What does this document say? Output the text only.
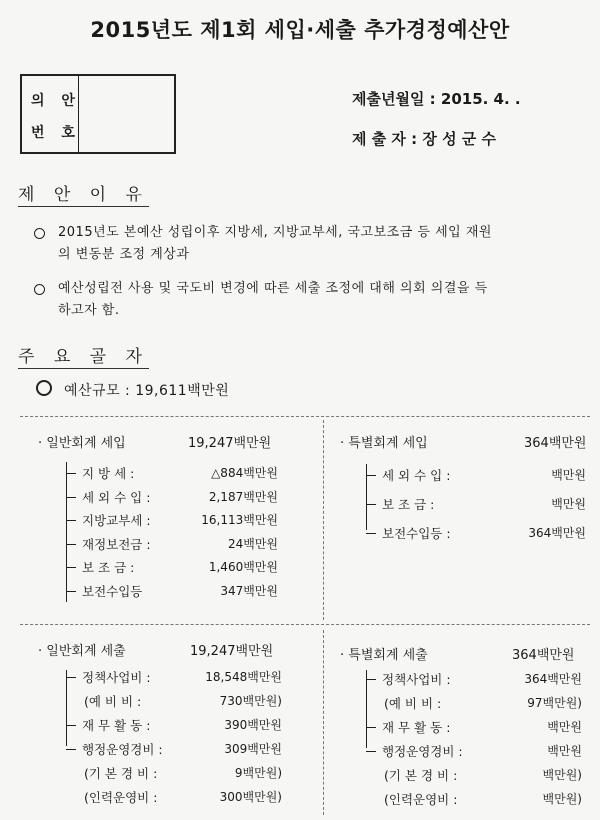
2015년도 제1회 세입·세출 추가경정예산안
의 안
번 호
제출년월일 : 2015. 4. .
제 출 자 : 장 성 군 수
제 안 이 유
2015년도 본예산 성립이후 지방세, 지방교부세, 국고보조금 등 세입 재원
의 변동분 조정 계상과
예산성립전 사용 및 국도비 변경에 따른 세출 조정에 대해 의회 의결을 득
하고자 함.
주 요 골 자
예산규모 : 19,611백만원
· 일반회계 세입	19,247백만원
지 방 세 :	△884백만원
세 외 수 입 :	2,187백만원
지방교부세 :	16,113백만원
재정보전금 :	24백만원
보 조 금 :	1,460백만원
보전수입등	347백만원
· 특별회계 세입	364백만원
세 외 수 입 :	백만원
보 조 금 :	백만원
보전수입등 :	364백만원
· 일반회계 세출	19,247백만원
정책사업비 :	18,548백만원
(예 비 비 :	730백만원)
재 무 활 동 :	390백만원
행정운영경비 :	309백만원
(기 본 경 비 :	9백만원)
(인력운영비 :	300백만원)
· 특별회계 세출	364백만원
정책사업비 :	364백만원
(예 비 비 :	97백만원)
재 무 활 동 :	백만원
행정운영경비 :	백만원
(기 본 경 비 :	백만원)
(인력운영비 :	백만원)
